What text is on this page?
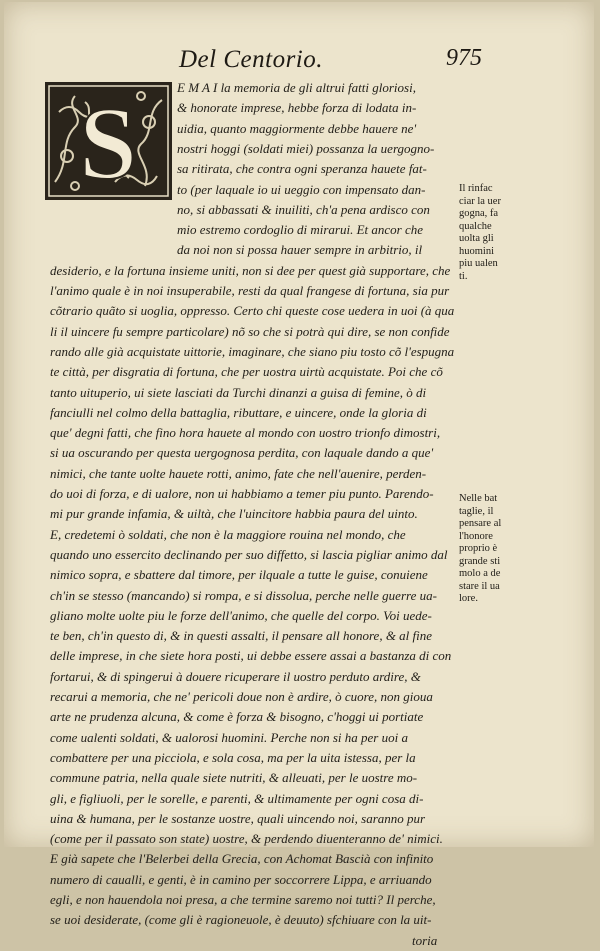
Del Centorio.	975
S	E M A I la memoria de gli altrui fatti gloriosi,
& honorate imprese, hebbe forza di lodata in-
uidia, quanto maggiormente debbe hauere ne'
nostri hoggi (soldati miei) possanza la uergogno-
sa ritirata, che contra ogni speranza hauete fat-
to (per laquale io ui ueggio con impensato dan-
no, si abbassati & inuiliti, ch'a pena ardisco con
mio estremo cordoglio di mirarui. Et ancor che
da noi non si possa hauer sempre in arbitrio, il
desiderio, e la fortuna insieme uniti, non si dee per quest già supportare, che
l'animo quale è in noi insuperabile, resti da qual frangese di fortuna, sia pur
cõtrario quãto si uoglia, oppresso. Certo chi queste cose uedera in uoi (à qua
li il uincere fu sempre particolare) nõ so che si potrà qui dire, se non confide
rando alle già acquistate uittorie, imaginare, che siano piu tosto cõ l'espugna
te città, per disgratia di fortuna, che per uostra uirtù acquistate. Poi che cõ
tanto uituperio, ui siete lasciati da Turchi dinanzi a guisa di femine, ò di
fanciulli nel colmo della battaglia, ributtare, e uincere, onde la gloria di
que' degni fatti, che fino hora hauete al mondo con uostro trionfo dimostri,
si ua oscurando per questa uergognosa perdita, con laquale dando a que'
nimici, che tante uolte hauete rotti, animo, fate che nell'auenire, perden-
do uoi di forza, e di ualore, non ui habbiamo a temer piu punto. Parendo-
mi pur grande infamia, & uiltà, che l'uincitore habbia paura del uinto.
E, credetemi ò soldati, che non è la maggiore rouina nel mondo, che
quando uno essercito declinando per suo diffetto, si lascia pigliar animo dal
nimico sopra, e sbattere dal timore, per ilquale a tutte le guise, conuiene
ch'in se stesso (mancando) si rompa, e si dissolua, perche nelle guerre ua-
gliano molte uolte piu le forze dell'animo, che quelle del corpo. Voi uede-
te ben, ch'in questo di, & in questi assalti, il pensare all honore, & al fine
delle imprese, in che siete hora posti, ui debbe essere assai a bastanza di con
fortarui, & di spingerui à douere ricuperare il uostro perduto ardire, &
recarui a memoria, che ne' pericoli doue non è ardire, ò cuore, non gioua
arte ne prudenza alcuna, & come è forza & bisogno, c'hoggi ui portiate
come ualenti soldati, & ualorosi huomini. Perche non si ha per uoi a
combattere per una picciola, e sola cosa, ma per la uita istessa, per la
commune patria, nella quale siete nutriti, & alleuati, per le uostre mo-
gli, e figliuoli, per le sorelle, e parenti, & ultimamente per ogni cosa di-
uina & humana, per le sostanze uostre, quali uincendo noi, saranno pur
(come per il passato son state) uostre, & perdendo diuenteranno de' nimici.
E già sapete che l'Belerbei della Grecia, con Achomat Bascià con infinito
numero di caualli, e genti, è in camino per soccorrere Lippa, e arriuando
egli, e non hauendola noi presa, a che termine saremo noi tutti? Il perche,
se uoi desiderate, (come gli è ragioneuole, è deuuto) sfchiuare con la uit-
toria
Il rinfac
ciar la uer
gogna, fa
qualche
uolta gli
huomini
piu ualen
ti.
Nelle bat
taglie, il
pensare al
l'honore
proprio è
grande sti
molo a de
stare il ua
lore.
